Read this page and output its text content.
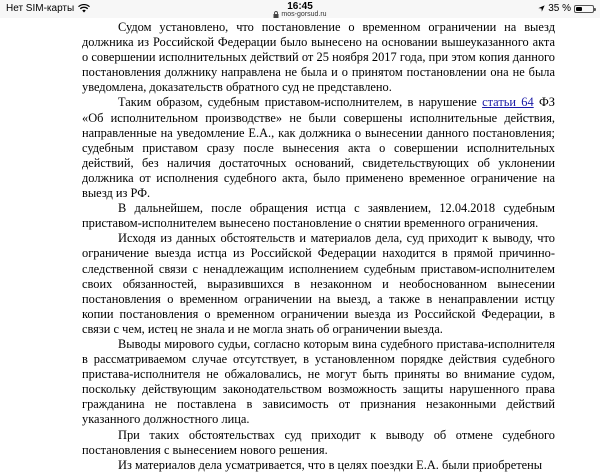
Нет SIM-карты	16:45
mos-gorsud.ru
35 %

Судом установлено, что постановление о временном ограничении на выезд должника из Российской Федерации было вынесено на основании вышеуказанного акта о совершении исполнительных действий от 25 ноября 2017 года, при этом копия данного постановления должнику направлена не была и о принятом постановлении она не была уведомлена, доказательств обратного суд не представлено.

Таким образом, судебным приставом-исполнителем, в нарушение статьи 64 ФЗ «Об исполнительном производстве» не были совершены исполнительные действия, направленные на уведомление Е.А., как должника о вынесении данного постановления; судебным приставом сразу после вынесения акта о совершении исполнительных действий, без наличия достаточных оснований, свидетельствующих об уклонении должника от исполнения судебного акта, было применено временное ограничение на выезд из РФ.

В дальнейшем, после обращения истца с заявлением, 12.04.2018 судебным приставом-исполнителем вынесено постановление о снятии временного ограничения.

Исходя из данных обстоятельств и материалов дела, суд приходит к выводу, что ограничение выезда истца из Российской Федерации находится в прямой причинно-следственной связи с ненадлежащим исполнением судебным приставом-исполнителем своих обязанностей, выразившихся в незаконном и необоснованном вынесении постановления о временном ограничении на выезд, а также в ненаправлении истцу копии постановления о временном ограничении выезда из Российской Федерации, в связи с чем, истец не знала и не могла знать об ограничении выезда.

Выводы мирового судьи, согласно которым вина судебного пристава-исполнителя в рассматриваемом случае отсутствует, в установленном порядке действия судебного пристава-исполнителя не обжаловались, не могут быть приняты во внимание судом, поскольку действующим законодательством возможность защиты нарушенного права гражданина не поставлена в зависимость от признания незаконными действий указанного должностного лица.

При таких обстоятельствах суд приходит к выводу об отмене судебного постановления с вынесением нового решения.

Из материалов дела усматривается, что в целях поездки Е.А. были приобретены
